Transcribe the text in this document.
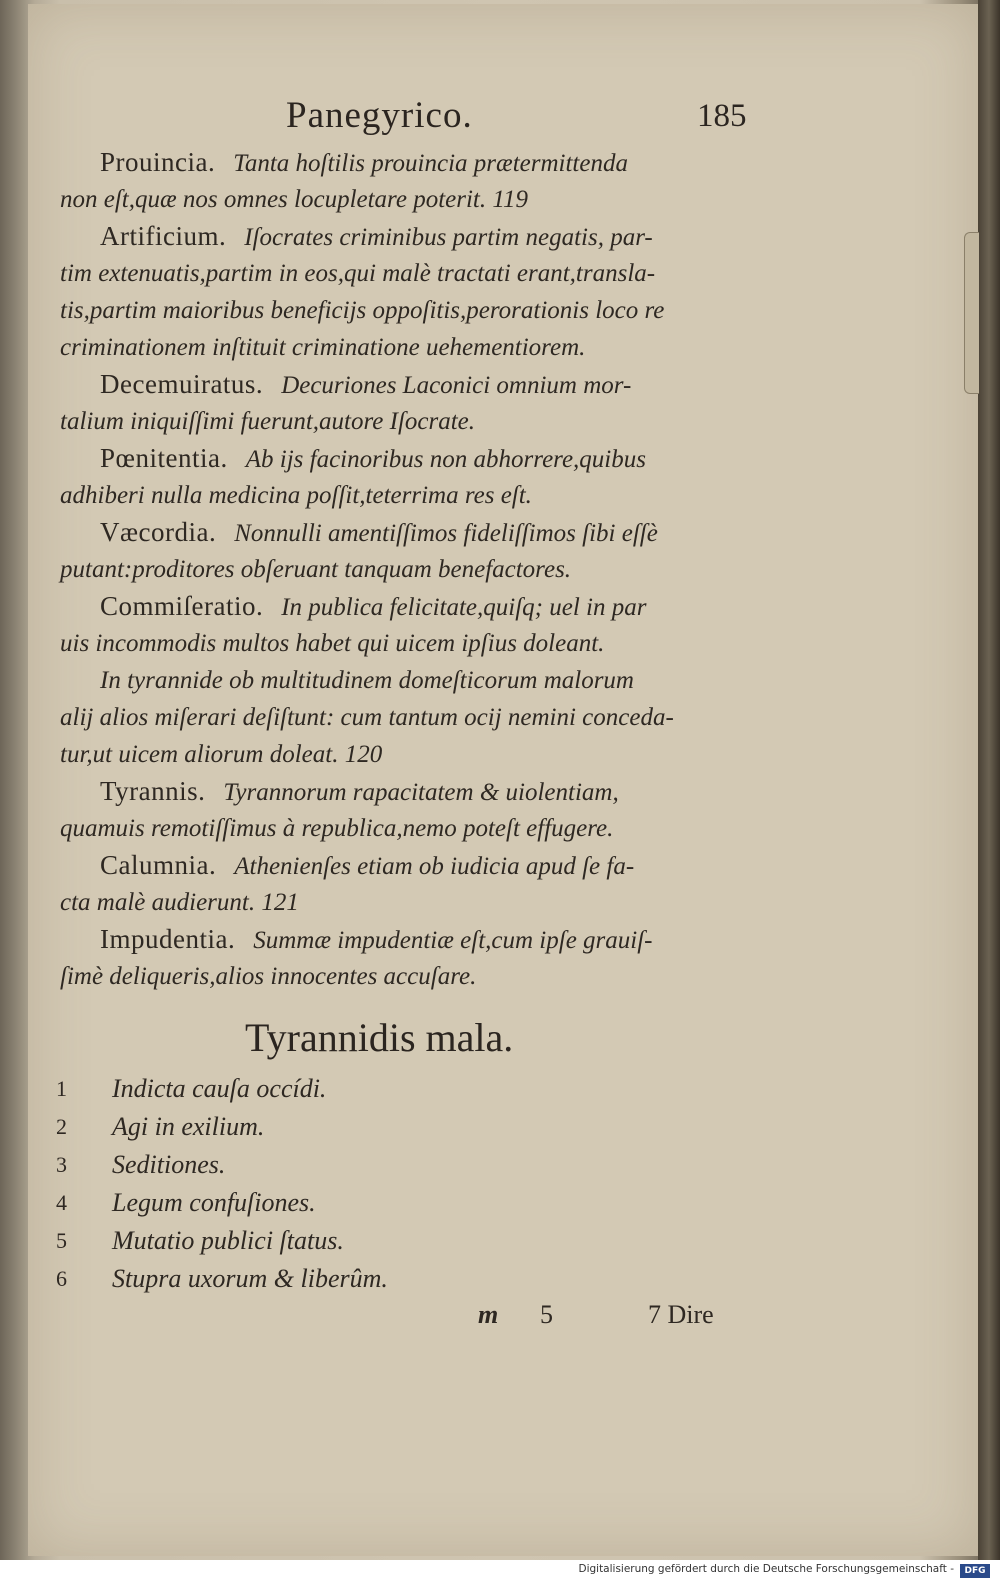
Panegyrico.	185
Prouincia. Tanta hoſtilis prouincia prætermittenda
non eſt,quæ nos omnes locupletare poterit. 119
Artificium. Iſocrates criminibus partim negatis, par-
tim extenuatis,partim in eos,qui malè tractati erant,transla-
tis,partim maioribus beneficijs oppoſitis,perorationis loco re
criminationem inſtituit criminatione uehementiorem.
Decemuiratus. Decuriones Laconici omnium mor-
talium iniquiſſimi fuerunt,autore Iſocrate.
Pœnitentia. Ab ijs facinoribus non abhorrere,quibus
adhiberi nulla medicina poſſit,teterrima res eſt.
Væcordia. Nonnulli amentiſſimos fideliſſimos ſibi eſſè
putant:proditores obſeruant tanquam benefactores.
Commiſeratio. In publica felicitate,quiſq; uel in par
uis incommodis multos habet qui uicem ipſius doleant.
In tyrannide ob multitudinem domeſticorum malorum
alij alios miſerari deſiſtunt: cum tantum ocij nemini conceda-
tur,ut uicem aliorum doleat. 120
Tyrannis. Tyrannorum rapacitatem & uiolentiam,
quamuis remotiſſimus à republica,nemo poteſt effugere.
Calumnia. Athenienſes etiam ob iudicia apud ſe fa-
cta malè audierunt. 121
Impudentia. Summæ impudentiæ eſt,cum ipſe grauiſ-
ſimè deliqueris,alios innocentes accuſare.
Tyrannidis mala.
1	Indicta cauſa occídi.
2	Agi in exilium.
3	Seditiones.
4	Legum confuſiones.
5	Mutatio publici ſtatus.
6	Stupra uxorum & liberûm.
m 5	7 Dire
Digitalisierung gefördert durch die Deutsche Forschungsgemeinschaft -	DFG
